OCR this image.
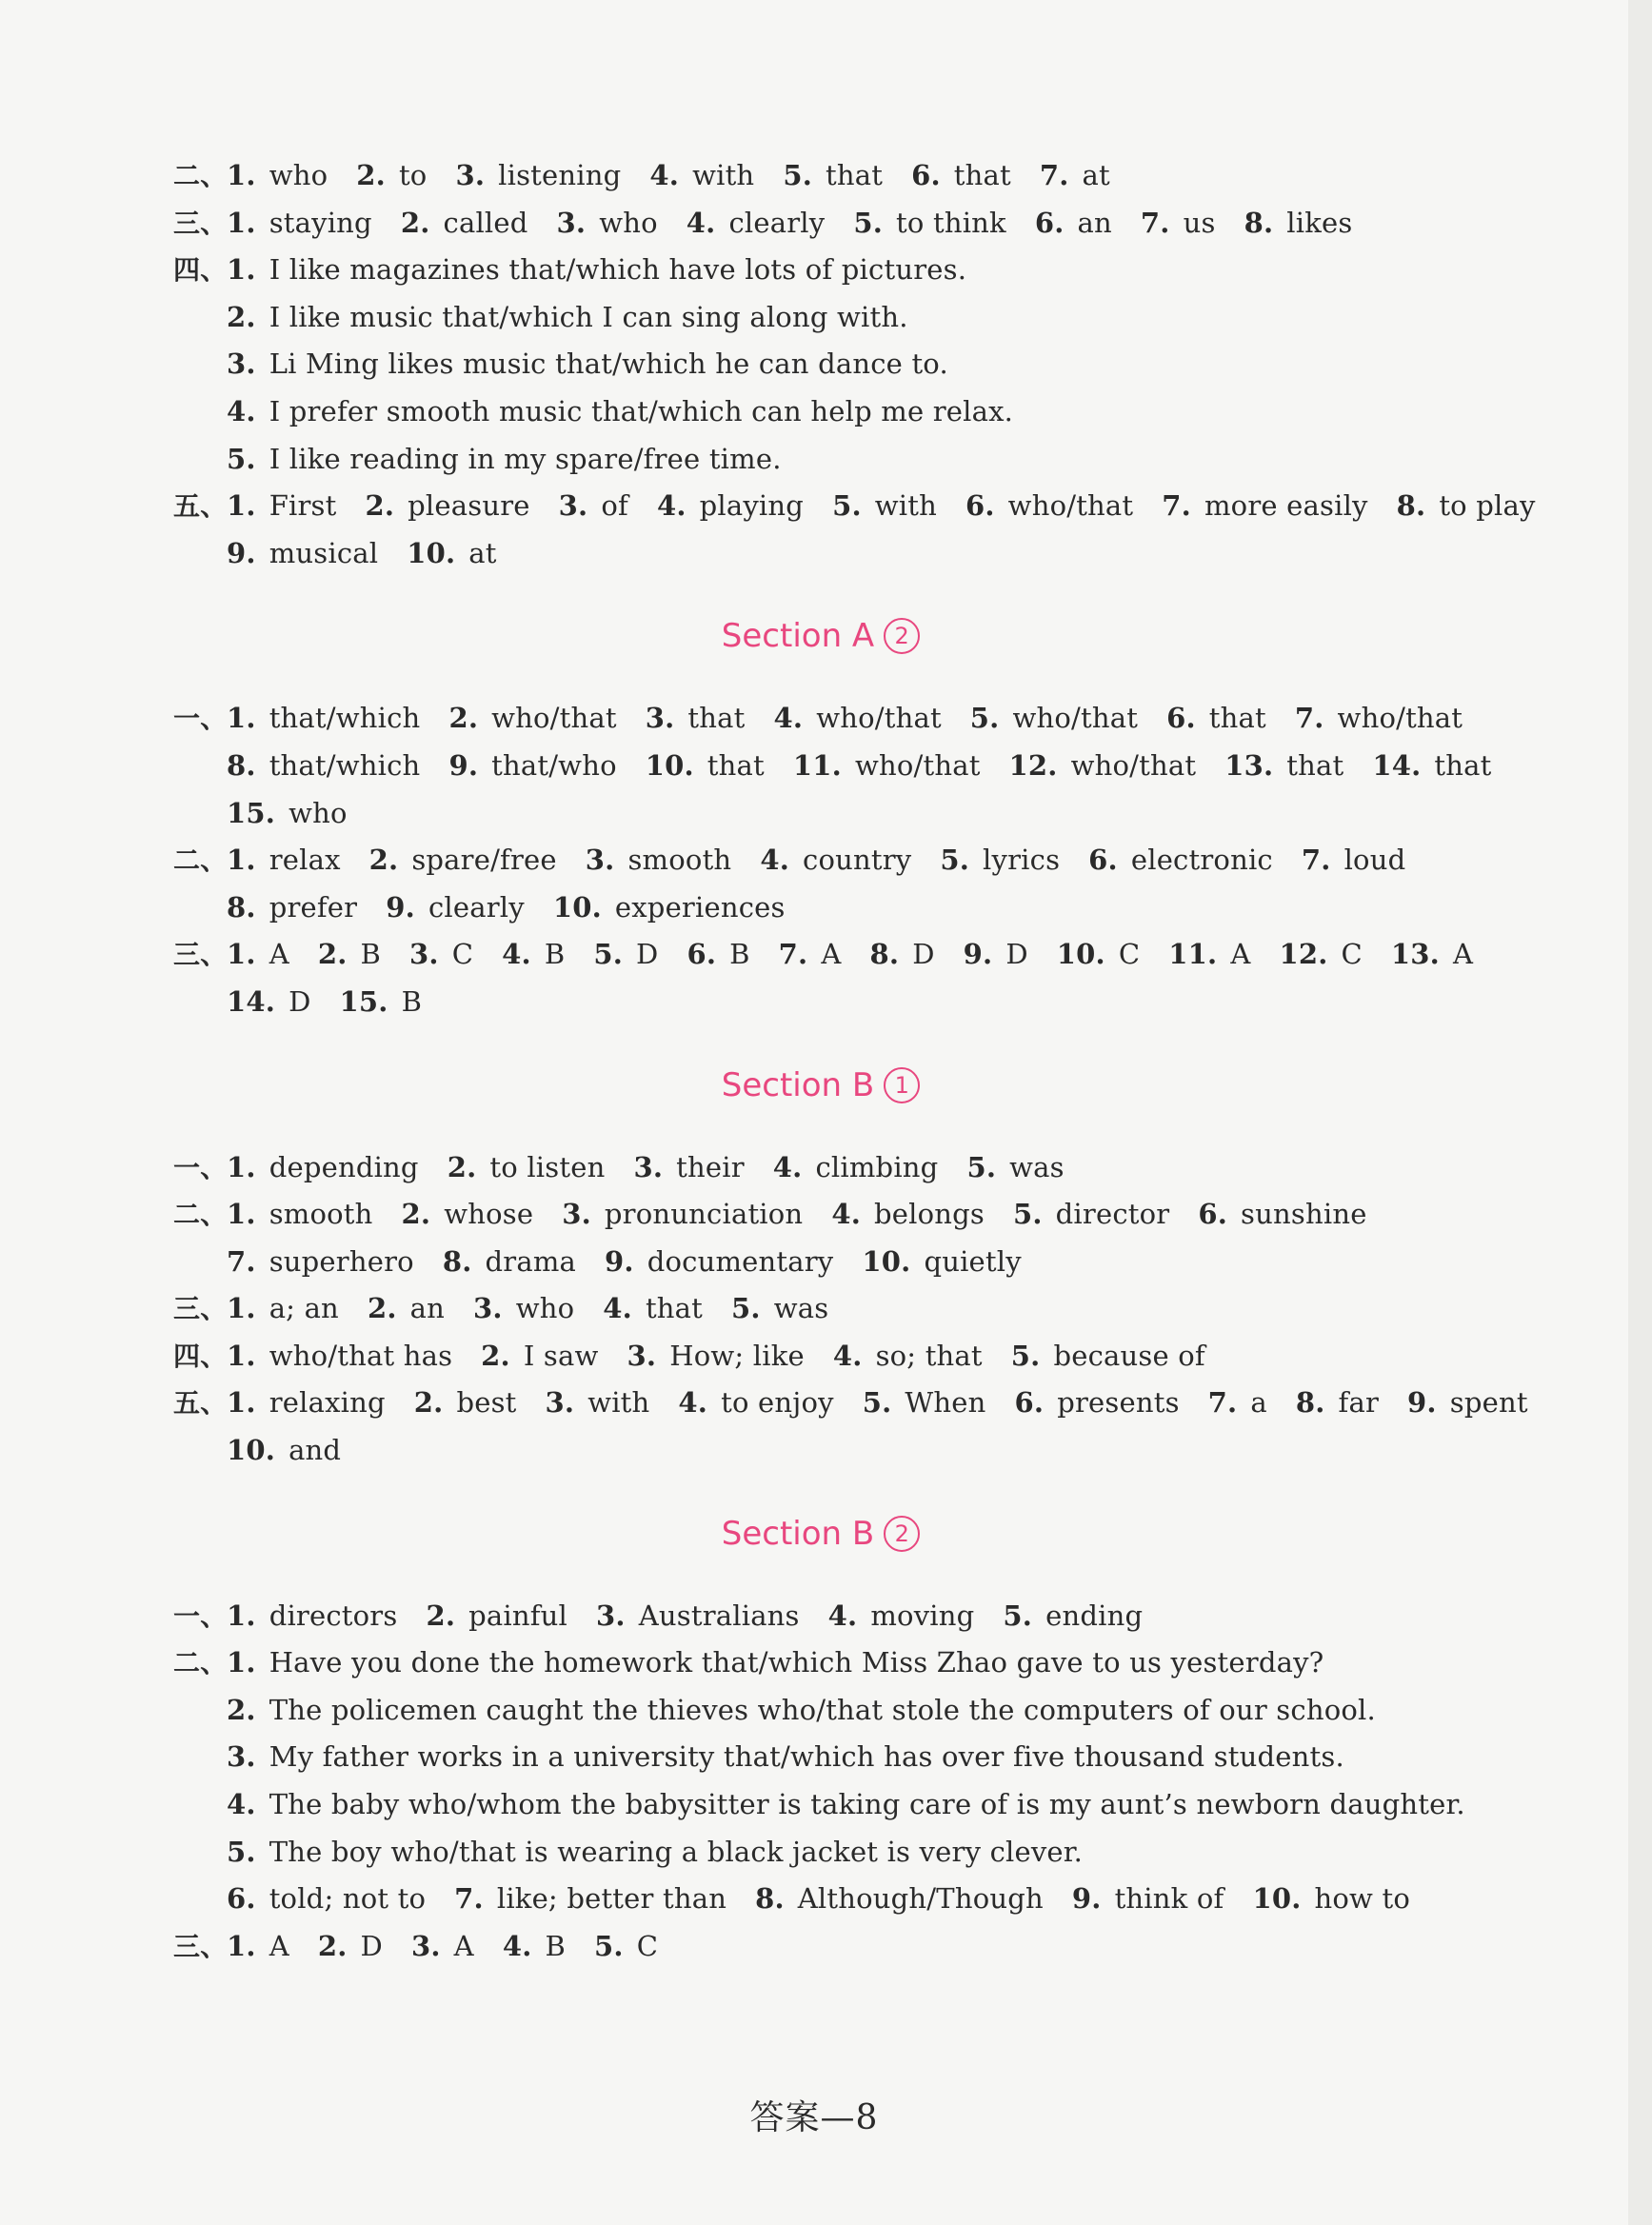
二、1. who 2. to 3. listening 4. with 5. that 6. that 7. at
三、1. staying 2. called 3. who 4. clearly 5. to think 6. an 7. us 8. likes
四、1. I like magazines that/which have lots of pictures.
2. I like music that/which I can sing along with.
3. Li Ming likes music that/which he can dance to.
4. I prefer smooth music that/which can help me relax.
5. I like reading in my spare/free time.
五、1. First 2. pleasure 3. of 4. playing 5. with 6. who/that 7. more easily 8. to play
9. musical 10. at
Section A 2
一、1. that/which 2. who/that 3. that 4. who/that 5. who/that 6. that 7. who/that
8. that/which 9. that/who 10. that 11. who/that 12. who/that 13. that 14. that
15. who
二、1. relax 2. spare/free 3. smooth 4. country 5. lyrics 6. electronic 7. loud
8. prefer 9. clearly 10. experiences
三、1. A 2. B 3. C 4. B 5. D 6. B 7. A 8. D 9. D 10. C 11. A 12. C 13. A
14. D 15. B
Section B 1
一、1. depending 2. to listen 3. their 4. climbing 5. was
二、1. smooth 2. whose 3. pronunciation 4. belongs 5. director 6. sunshine
7. superhero 8. drama 9. documentary 10. quietly
三、1. a; an 2. an 3. who 4. that 5. was
四、1. who/that has 2. I saw 3. How; like 4. so; that 5. because of
五、1. relaxing 2. best 3. with 4. to enjoy 5. When 6. presents 7. a 8. far 9. spent
10. and
Section B 2
一、1. directors 2. painful 3. Australians 4. moving 5. ending
二、1. Have you done the homework that/which Miss Zhao gave to us yesterday?
2. The policemen caught the thieves who/that stole the computers of our school.
3. My father works in a university that/which has over five thousand students.
4. The baby who/whom the babysitter is taking care of is my aunt’s newborn daughter.
5. The boy who/that is wearing a black jacket is very clever.
6. told; not to 7. like; better than 8. Although/Though 9. think of 10. how to
三、1. A 2. D 3. A 4. B 5. C
答案—8
